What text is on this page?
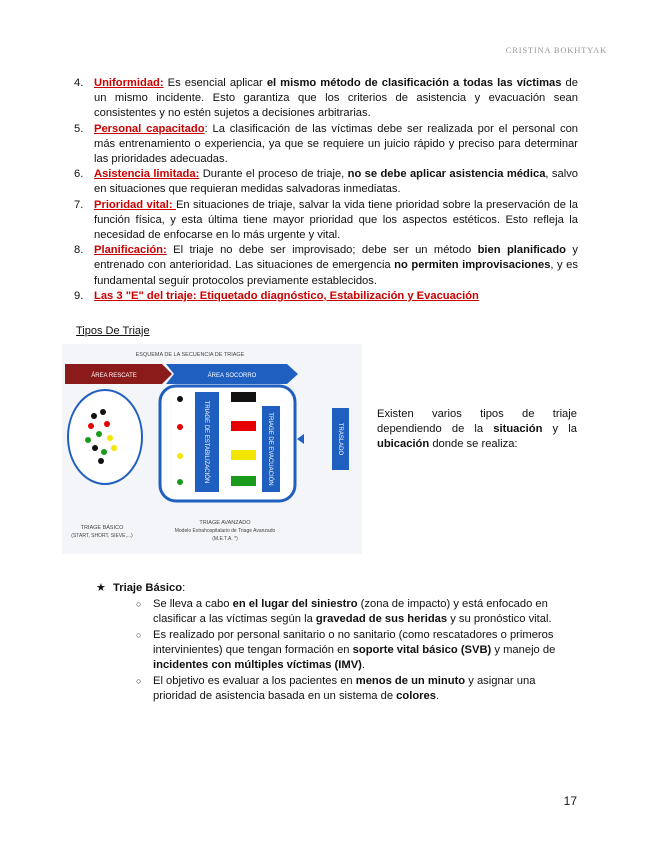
CRISTINA BOKHTYAK
4. Uniformidad: Es esencial aplicar el mismo método de clasificación a todas las víctimas de un mismo incidente. Esto garantiza que los criterios de asistencia y evacuación sean consistentes y no estén sujetos a decisiones arbitrarias.
5. Personal capacitado: La clasificación de las víctimas debe ser realizada por el personal con más entrenamiento o experiencia, ya que se requiere un juicio rápido y preciso para determinar las prioridades adecuadas.
6. Asistencia limitada: Durante el proceso de triaje, no se debe aplicar asistencia médica, salvo en situaciones que requieran medidas salvadoras inmediatas.
7. Prioridad vital: En situaciones de triaje, salvar la vida tiene prioridad sobre la preservación de la función física, y esta última tiene mayor prioridad que los aspectos estéticos. Esto refleja la necesidad de enfocarse en lo más urgente y vital.
8. Planificación: El triaje no debe ser improvisado; debe ser un método bien planificado y entrenado con anterioridad. Las situaciones de emergencia no permiten improvisaciones, y es fundamental seguir protocolos previamente establecidos.
9. Las 3 "E" del triaje: Etiquetado diagnóstico, Estabilización y Evacuación
Tipos De Triaje
ESQUEMA DE LA SECUENCIA DE TRIAGE
ÁREA RESCATE	ÁREA SOCORRO
TRIAGE DE ESTABILIZACIÓN	TRIAGE DE EVACUACIÓN	TRASLADO
TRIAGE BÁSICO
(START, SHORT, SIEVE,...)
TRIAGE AVANZADO
Modelo Extrahospitalario de Triage Avanzado
(M.E.T.A. *)
Existen varios tipos de triaje dependiendo de la situación y la ubicación donde se realiza:
★ Triaje Básico:
○ Se lleva a cabo en el lugar del siniestro (zona de impacto) y está enfocado en clasificar a las víctimas según la gravedad de sus heridas y su pronóstico vital.
○ Es realizado por personal sanitario o no sanitario (como rescatadores o primeros intervinientes) que tengan formación en soporte vital básico (SVB) y manejo de incidentes con múltiples víctimas (IMV).
○ El objetivo es evaluar a los pacientes en menos de un minuto y asignar una prioridad de asistencia basada en un sistema de colores.
17
